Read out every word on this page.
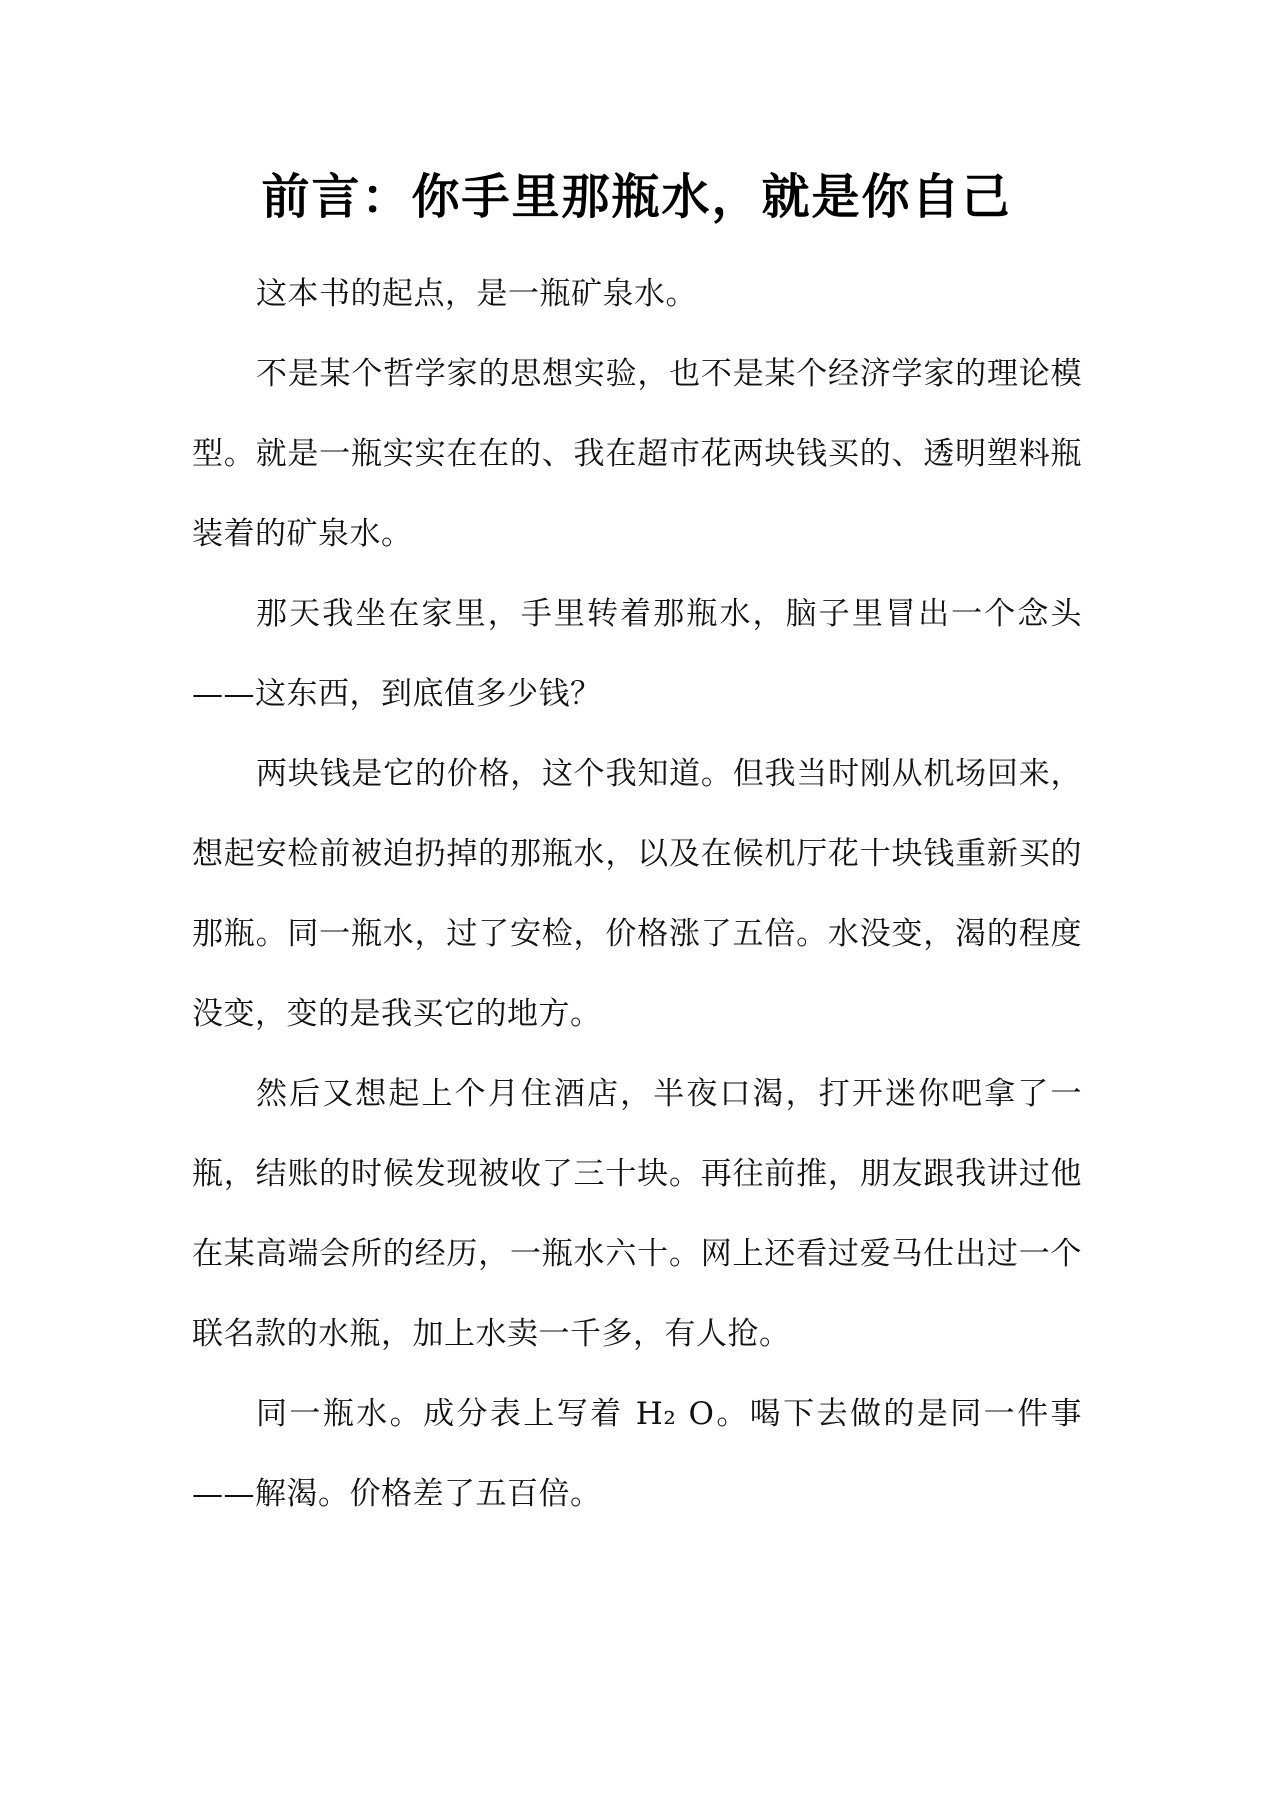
前言：你手里那瓶水，就是你自己

这本书的起点，是一瓶矿泉水。

不是某个哲学家的思想实验，也不是某个经济学家的理论模型。就是一瓶实实在在的、我在超市花两块钱买的、透明塑料瓶装着的矿泉水。

那天我坐在家里，手里转着那瓶水，脑子里冒出一个念头——这东西，到底值多少钱？

两块钱是它的价格，这个我知道。但我当时刚从机场回来，想起安检前被迫扔掉的那瓶水，以及在候机厅花十块钱重新买的那瓶。同一瓶水，过了安检，价格涨了五倍。水没变，渴的程度没变，变的是我买它的地方。

然后又想起上个月住酒店，半夜口渴，打开迷你吧拿了一瓶，结账的时候发现被收了三十块。再往前推，朋友跟我讲过他在某高端会所的经历，一瓶水六十。网上还看过爱马仕出过一个联名款的水瓶，加上水卖一千多，有人抢。

同一瓶水。成分表上写着 H₂ O。喝下去做的是同一件事——解渴。价格差了五百倍。
